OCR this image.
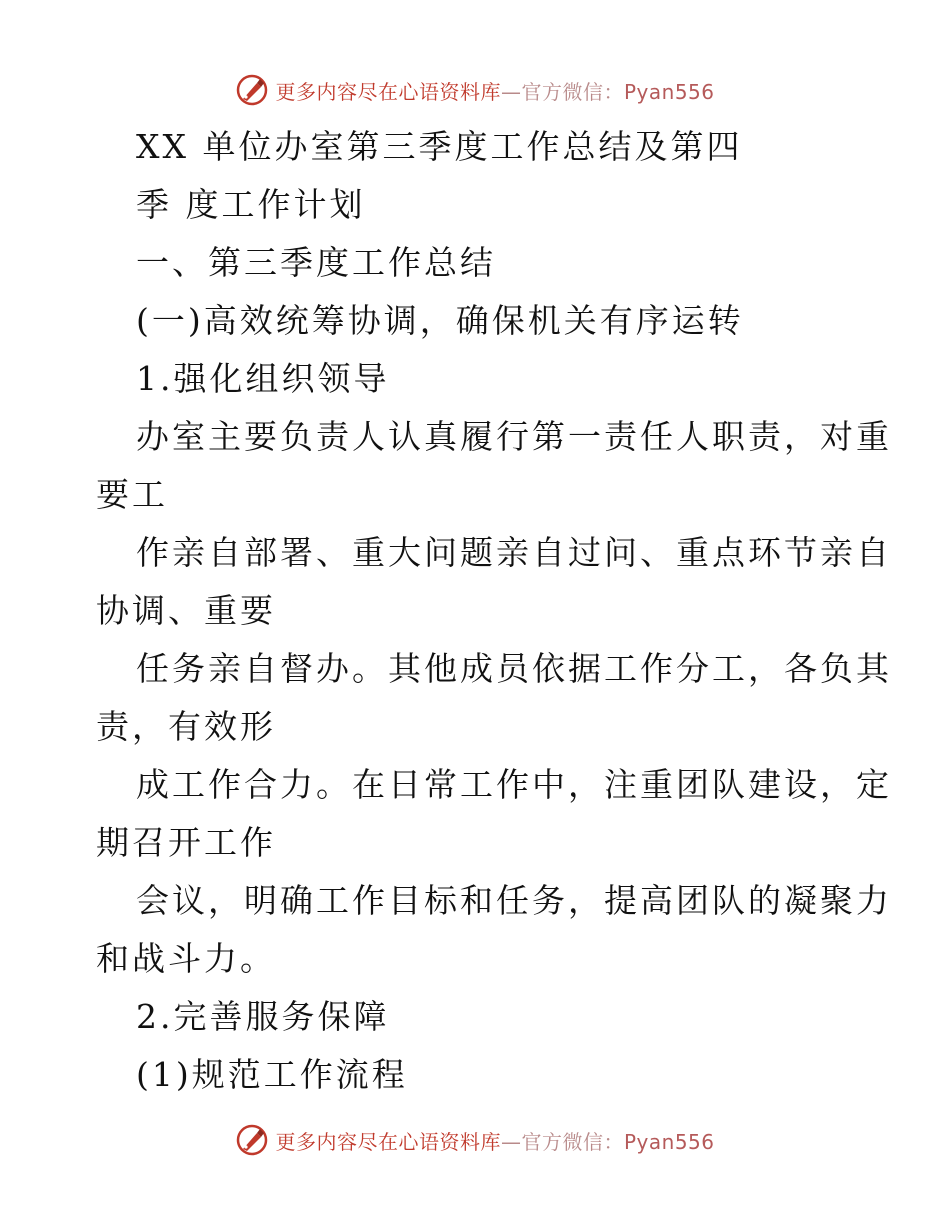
更多内容尽在心语资料库—官方微信：Pyan556
XX 单位办室第三季度工作总结及第四
季 度工作计划
一、第三季度工作总结
(一)高效统筹协调，确保机关有序运转
1.强化组织领导
办室主要负责人认真履行第一责任人职责，对重
要工
作亲自部署、重大问题亲自过问、重点环节亲自
协调、重要
任务亲自督办。其他成员依据工作分工，各负其
责，有效形
成工作合力。在日常工作中，注重团队建设，定
期召开工作
会议，明确工作目标和任务，提高团队的凝聚力
和战斗力。
2.完善服务保障
(1)规范工作流程
更多内容尽在心语资料库—官方微信：Pyan556
